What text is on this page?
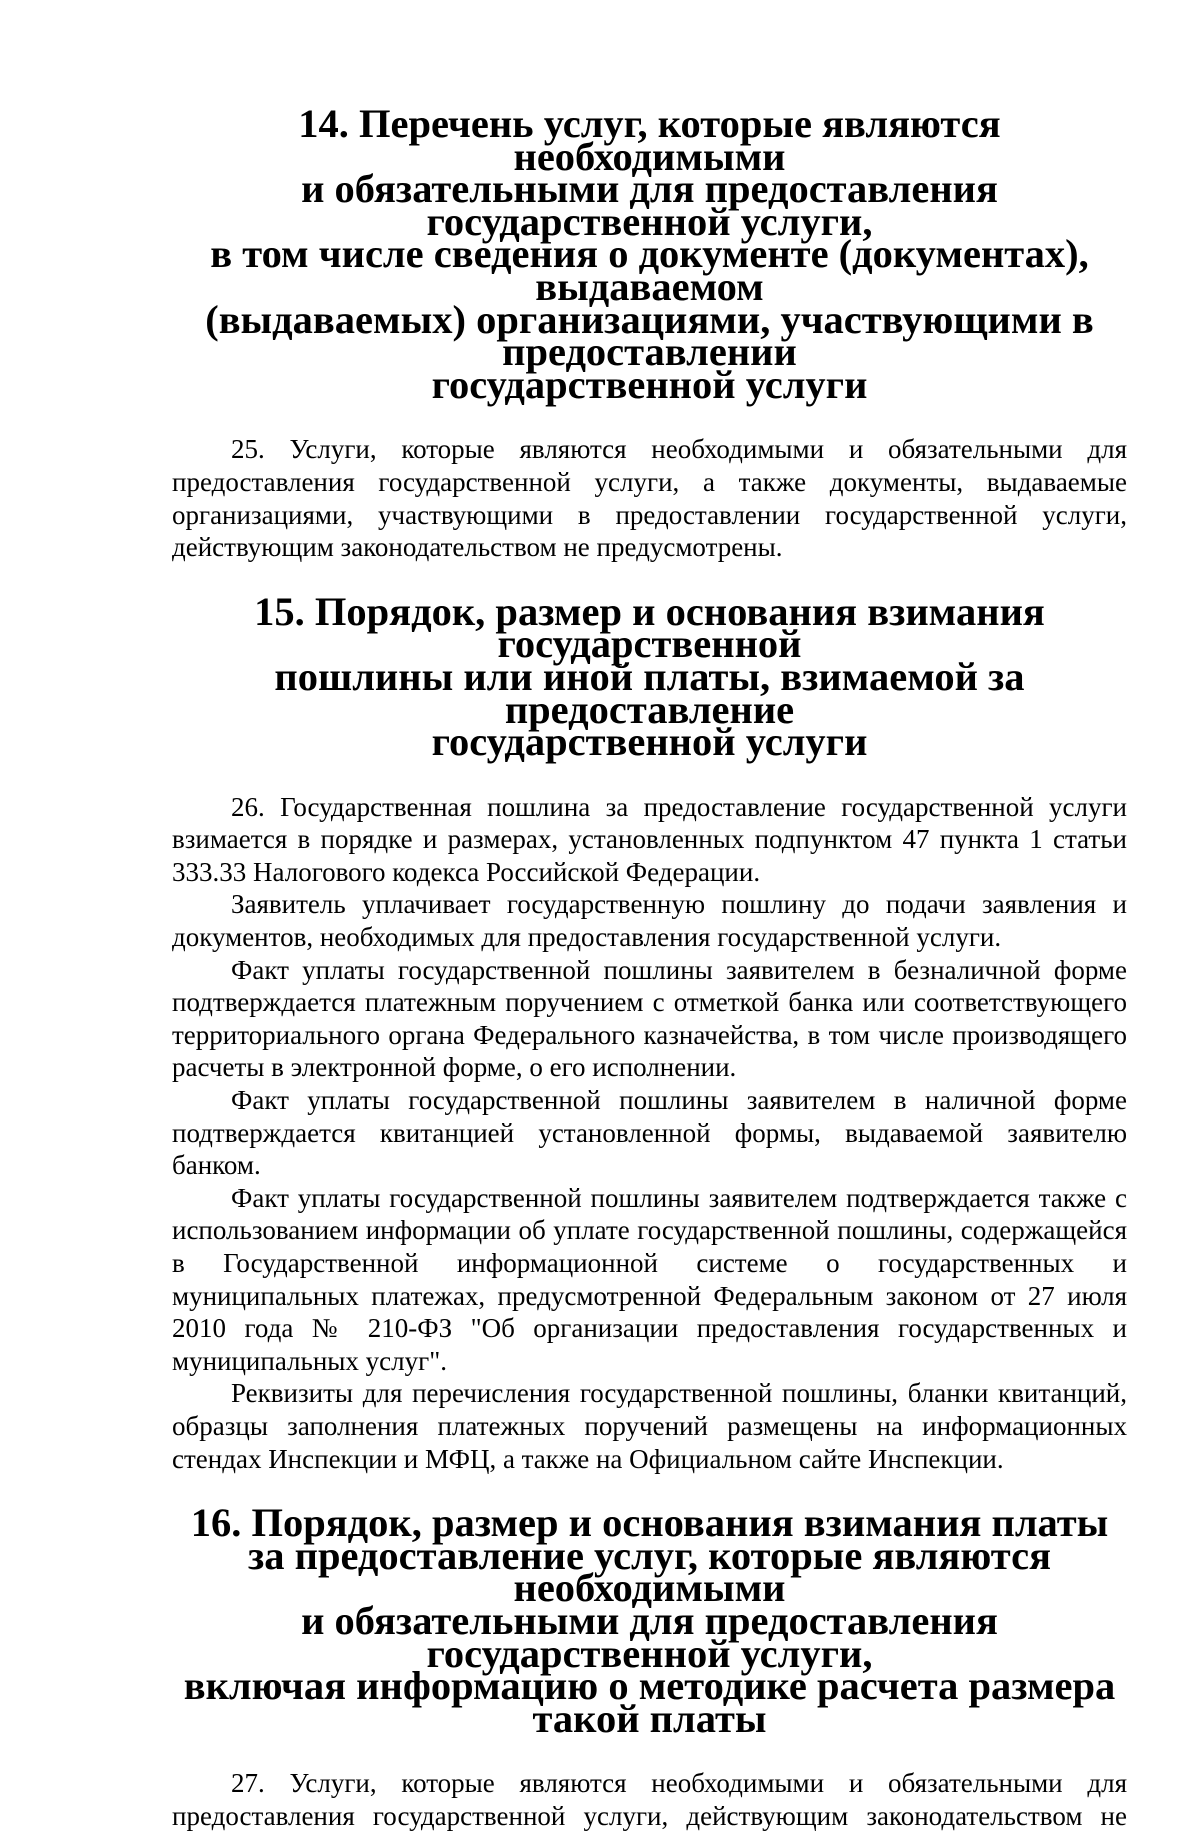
14. Перечень услуг, которые являются необходимыми
и обязательными для предоставления государственной услуги,
в том числе сведения о документе (документах), выдаваемом
(выдаваемых) организациями, участвующими в предоставлении
государственной услуги

25. Услуги, которые являются необходимыми и обязательными для предоставления государственной услуги, а также документы, выдаваемые организациями, участвующими в предоставлении государственной услуги, действующим законодательством не предусмотрены.

15. Порядок, размер и основания взимания государственной
пошлины или иной платы, взимаемой за предоставление
государственной услуги

26. Государственная пошлина за предоставление государственной услуги взимается в порядке и размерах, установленных подпунктом 47 пункта 1 статьи 333.33 Налогового кодекса Российской Федерации.

Заявитель уплачивает государственную пошлину до подачи заявления и документов, необходимых для предоставления государственной услуги.

Факт уплаты государственной пошлины заявителем в безналичной форме подтверждается платежным поручением с отметкой банка или соответствующего территориального органа Федерального казначейства, в том числе производящего расчеты в электронной форме, о его исполнении.

Факт уплаты государственной пошлины заявителем в наличной форме подтверждается квитанцией установленной формы, выдаваемой заявителю банком.

Факт уплаты государственной пошлины заявителем подтверждается также с использованием информации об уплате государственной пошлины, содержащейся в Государственной информационной системе о государственных и муниципальных платежах, предусмотренной Федеральным законом от 27 июля 2010 года № 210-ФЗ "Об организации предоставления государственных и муниципальных услуг".

Реквизиты для перечисления государственной пошлины, бланки квитанций, образцы заполнения платежных поручений размещены на информационных стендах Инспекции и МФЦ, а также на Официальном сайте Инспекции.

16. Порядок, размер и основания взимания платы
за предоставление услуг, которые являются необходимыми
и обязательными для предоставления государственной услуги,
включая информацию о методике расчета размера такой платы

27. Услуги, которые являются необходимыми и обязательными для предоставления государственной услуги, действующим законодательством не
